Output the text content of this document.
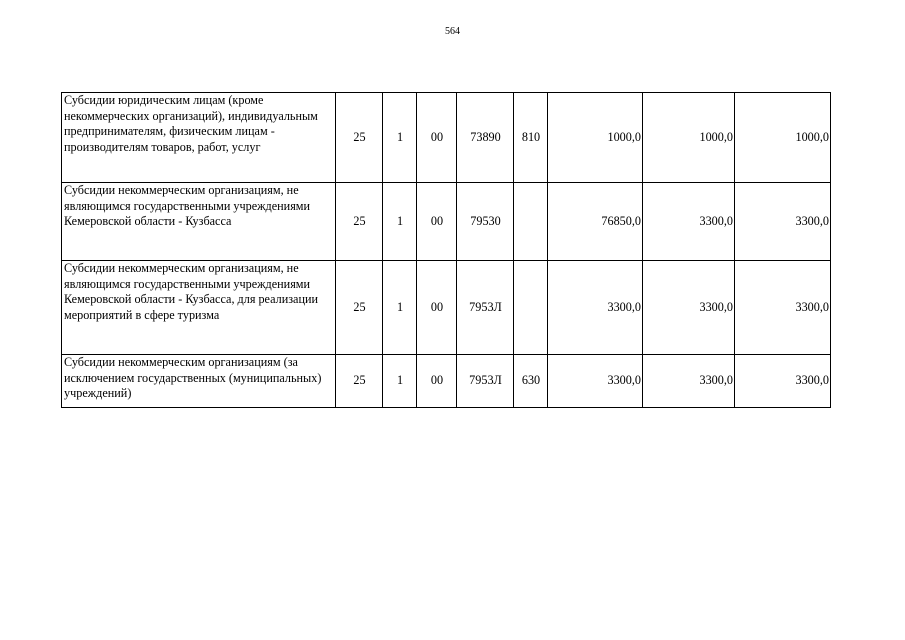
564
Субсидии юридическим лицам (кроме некоммерческих организаций), индивидуальным предпринимателям, физическим лицам - производителям товаров, работ, услуг	25	1	00	73890	810	1000,0	1000,0	1000,0
Субсидии некоммерческим организациям, не являющимся государственными учреждениями Кемеровской области - Кузбасса	25	1	00	79530		76850,0	3300,0	3300,0
Субсидии некоммерческим организациям, не являющимся государственными учреждениями Кемеровской области - Кузбасса, для реализации мероприятий в сфере туризма	25	1	00	7953Л		3300,0	3300,0	3300,0
Субсидии некоммерческим организациям (за исключением государственных (муниципальных) учреждений)	25	1	00	7953Л	630	3300,0	3300,0	3300,0
